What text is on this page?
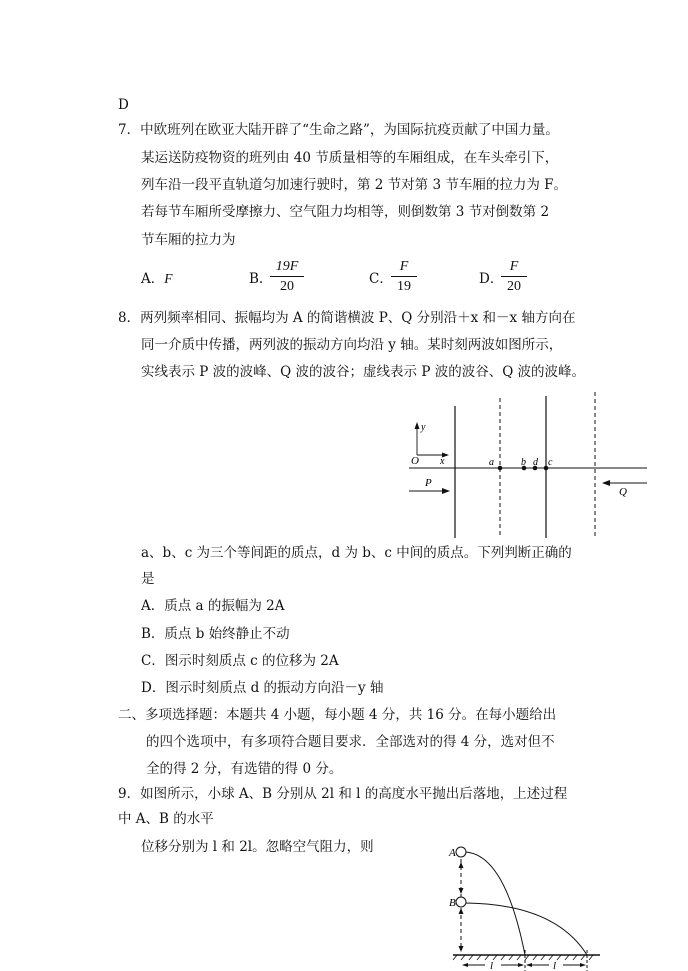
D
7．中欧班列在欧亚大陆开辟了“生命之路”，为国际抗疫贡献了中国力量。
某运送防疫物资的班列由 40 节质量相等的车厢组成，在车头牵引下，
列车沿一段平直轨道匀加速行驶时，第 2 节对第 3 节车厢的拉力为 F。
若每节车厢所受摩擦力、空气阻力均相等，则倒数第 3 节对倒数第 2
节车厢的拉力为
A．F	B. $\frac{19F}{20}$	C．
$\frac{F}{19}$	D．
$\frac{F}{20}$
8．两列频率相同、振幅均为 A 的简谐横波 P、Q 分别沿＋x 和－x 轴方向在
同一介质中传播，两列波的振动方向均沿 y 轴。某时刻两波如图所示，
实线表示 P 波的波峰、Q 波的波谷；虚线表示 P 波的波谷、Q 波的波峰。
y
x
O
P
Q
a	b d c
a、b、c 为三个等间距的质点，d 为 b、c 中间的质点。下列判断正确的
是
A．质点 a 的振幅为 2A
B．质点 b 始终静止不动
C．图示时刻质点 c 的位移为 2A
D．图示时刻质点 d 的振动方向沿－y 轴
二、多项选择题：本题共 4 小题，每小题 4 分，共 16 分。在每小题给出
的四个选项中，有多项符合题目要求．全部选对的得 4 分，选对但不
全的得 2 分，有选错的得 0 分。
9．如图所示，小球 A、B 分别从 2l 和 l 的高度水平抛出后落地，上述过程
中 A、B 的水平
位移分别为 l 和 2l。忽略空气阻力，则	A
B
l	l
